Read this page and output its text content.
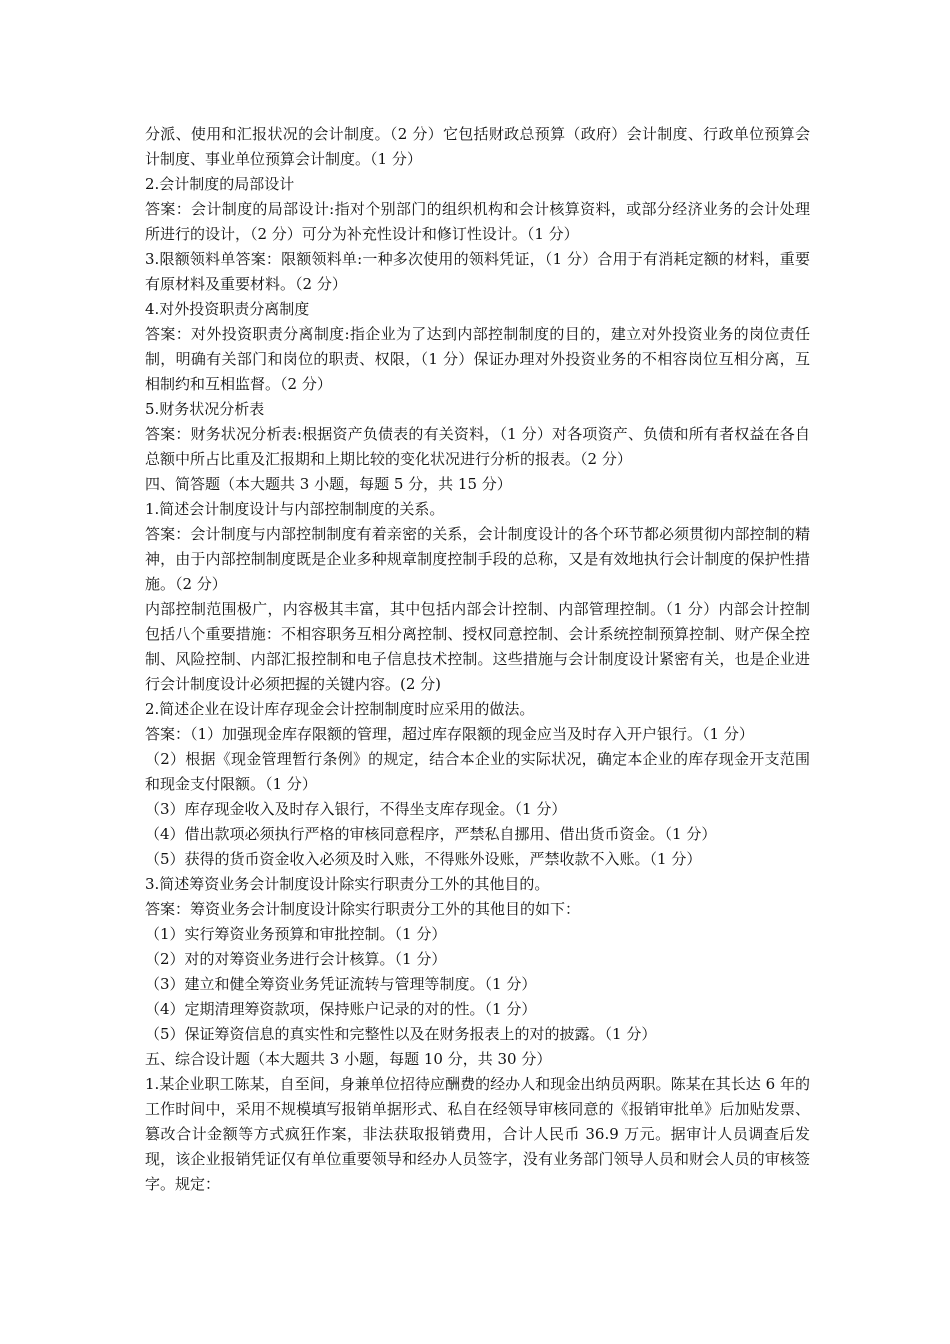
分派、使用和汇报状况的会计制度。（2 分）它包括财政总预算（政府）会计制度、行政单位预算会计制度、事业单位预算会计制度。（1 分）

2.会计制度的局部设计

答案：会计制度的局部设计:指对个别部门的组织机构和会计核算资料，或部分经济业务的会计处理所进行的设计，（2 分）可分为补充性设计和修订性设计。（1 分）

3.限额领料单答案：限额领料单:一种多次使用的领料凭证，（1 分）合用于有消耗定额的材料，重要有原材料及重要材料。（2 分）

4.对外投资职责分离制度

答案：对外投资职责分离制度:指企业为了达到内部控制制度的目的，建立对外投资业务的岗位责任制，明确有关部门和岗位的职责、权限，（1 分）保证办理对外投资业务的不相容岗位互相分离，互相制约和互相监督。（2 分）

5.财务状况分析表

答案：财务状况分析表:根据资产负债表的有关资料，（1 分）对各项资产、负债和所有者权益在各自总额中所占比重及汇报期和上期比较的变化状况进行分析的报表。（2 分）

四、简答题（本大题共 3 小题，每题 5 分，共 15 分）

1.简述会计制度设计与内部控制制度的关系。

答案：会计制度与内部控制制度有着亲密的关系，会计制度设计的各个环节都必须贯彻内部控制的精神，由于内部控制制度既是企业多种规章制度控制手段的总称，又是有效地执行会计制度的保护性措施。（2 分）

内部控制范围极广，内容极其丰富，其中包括内部会计控制、内部管理控制。（1 分）内部会计控制包括八个重要措施：不相容职务互相分离控制、授权同意控制、会计系统控制预算控制、财产保全控制、风险控制、内部汇报控制和电子信息技术控制。这些措施与会计制度设计紧密有关，也是企业进行会计制度设计必须把握的关键内容。(2 分)

2.简述企业在设计库存现金会计控制制度时应采用的做法。

答案：（1）加强现金库存限额的管理，超过库存限额的现金应当及时存入开户银行。（1 分）

（2）根据《现金管理暂行条例》的规定，结合本企业的实际状况，确定本企业的库存现金开支范围和现金支付限额。（1 分）

（3）库存现金收入及时存入银行，不得坐支库存现金。（1 分）

（4）借出款项必须执行严格的审核同意程序，严禁私自挪用、借出货币资金。（1 分）

（5）获得的货币资金收入必须及时入账，不得账外设账，严禁收款不入账。（1 分）

3.简述筹资业务会计制度设计除实行职责分工外的其他目的。

答案：筹资业务会计制度设计除实行职责分工外的其他目的如下：

（1）实行筹资业务预算和审批控制。（1 分）

（2）对的对筹资业务进行会计核算。（1 分）

（3）建立和健全筹资业务凭证流转与管理等制度。（1 分）

（4）定期清理筹资款项，保持账户记录的对的性。（1 分）

（5）保证筹资信息的真实性和完整性以及在财务报表上的对的披露。（1 分）

五、综合设计题（本大题共 3 小题，每题 10 分，共 30 分）

1.某企业职工陈某，自至间，身兼单位招待应酬费的经办人和现金出纳员两职。陈某在其长达 6 年的工作时间中，采用不规模填写报销单据形式、私自在经领导审核同意的《报销审批单》后加贴发票、篡改合计金额等方式疯狂作案，非法获取报销费用，合计人民币 36.9 万元。据审计人员调查后发现，该企业报销凭证仅有单位重要领导和经办人员签字，没有业务部门领导人员和财会人员的审核签字。规定：
